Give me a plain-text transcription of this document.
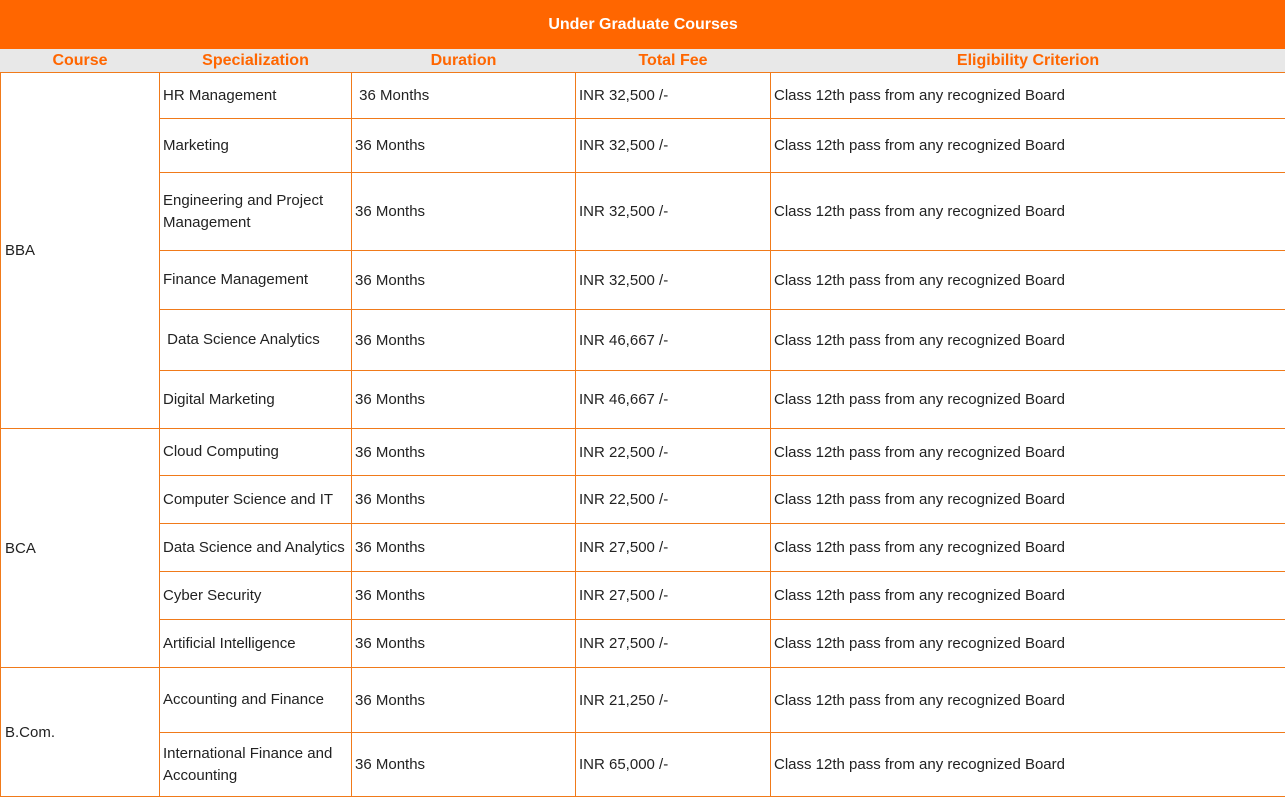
Under Graduate Courses				
Course	Specialization	Duration	Total Fee	Eligibility Criterion
BBA	HR Management	36 Months	INR 32,500 /-	Class 12th pass from any recognized Board
	Marketing	36 Months	INR 32,500 /-	Class 12th pass from any recognized Board
	Engineering and Project Management	36 Months	INR 32,500 /-	Class 12th pass from any recognized Board
	Finance Management	36 Months	INR 32,500 /-	Class 12th pass from any recognized Board
	Data Science Analytics	36 Months	INR 46,667 /-	Class 12th pass from any recognized Board
	Digital Marketing	36 Months	INR 46,667 /-	Class 12th pass from any recognized Board
BCA	Cloud Computing	36 Months	INR 22,500 /-	Class 12th pass from any recognized Board
	Computer Science and IT	36 Months	INR 22,500 /-	Class 12th pass from any recognized Board
	Data Science and Analytics	36 Months	INR 27,500 /-	Class 12th pass from any recognized Board
	Cyber Security	36 Months	INR 27,500 /-	Class 12th pass from any recognized Board
	Artificial Intelligence	36 Months	INR 27,500 /-	Class 12th pass from any recognized Board
B.Com.	Accounting and Finance	36 Months	INR 21,250 /-	Class 12th pass from any recognized Board
	International Finance and Accounting	36 Months	INR 65,000 /-	Class 12th pass from any recognized Board
